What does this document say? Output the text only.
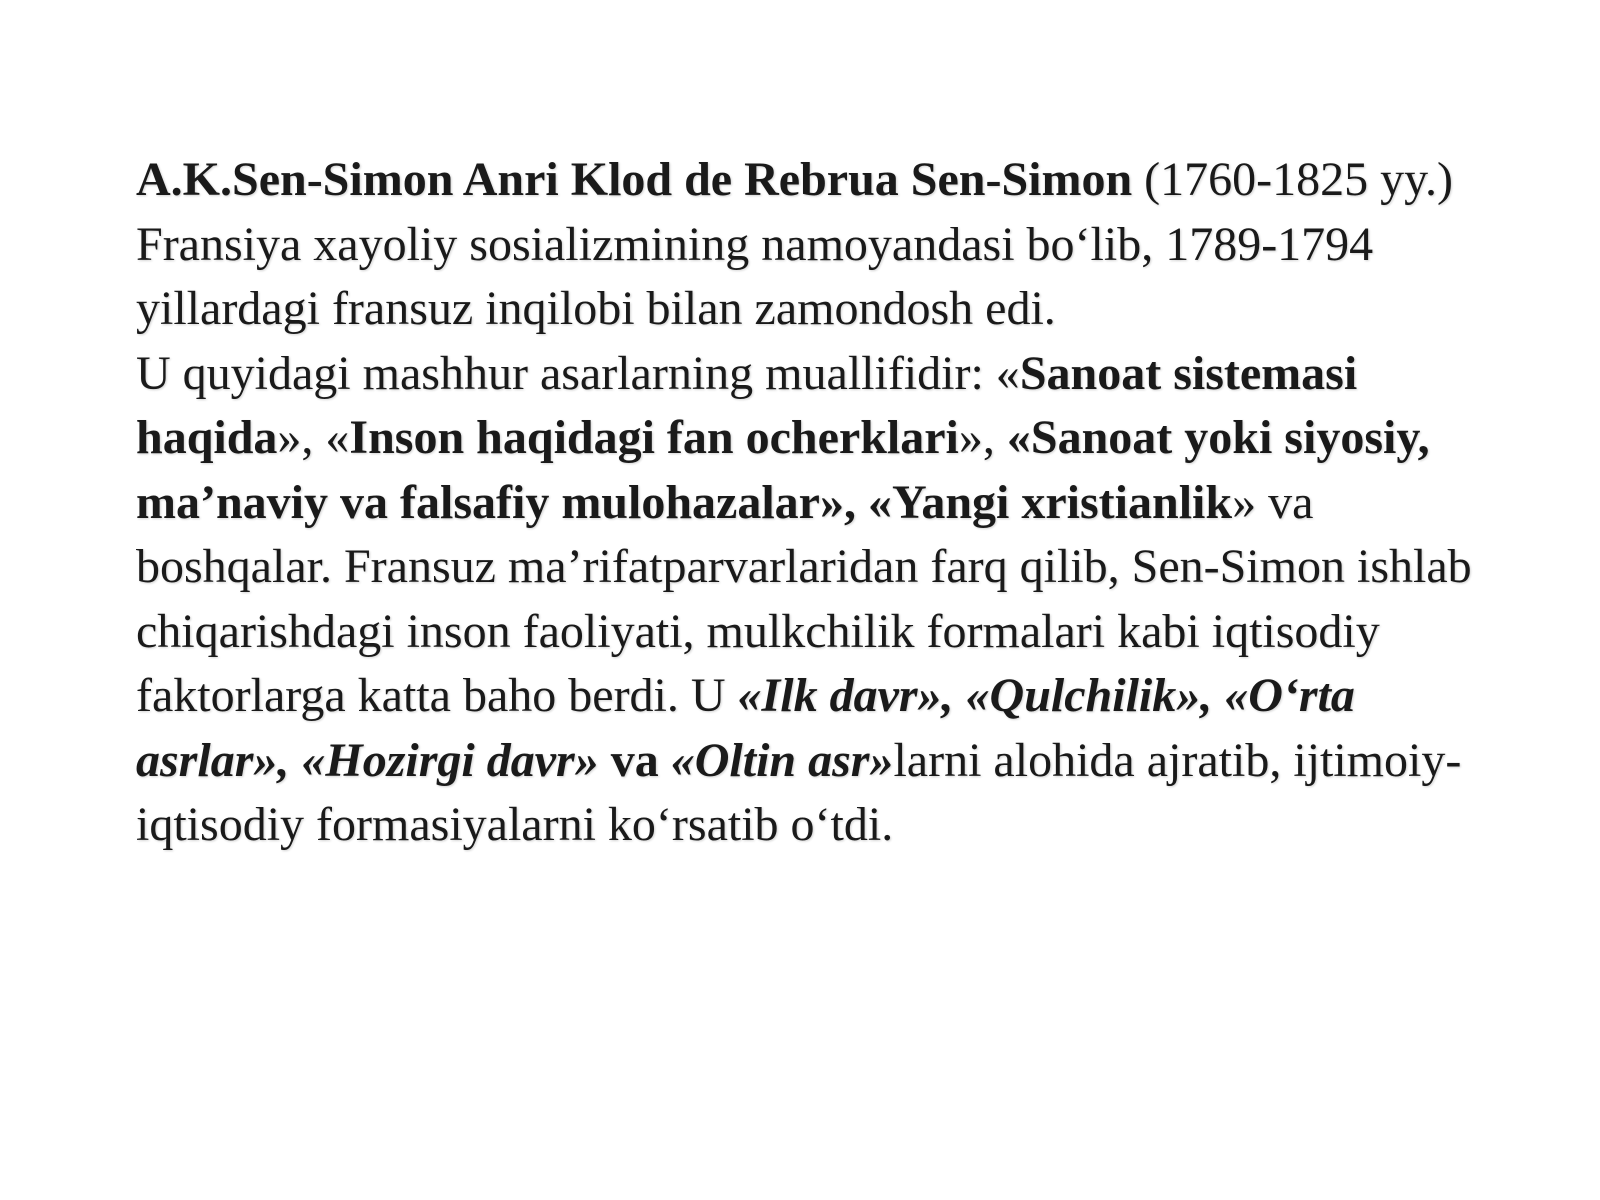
A.K.Sen-Simon Anri Klod de Rebrua Sen-Simon (1760-1825 yy.) Fransiya xayoliy sosializmining namoyandasi bo‘lib, 1789-1794 yillardagi fransuz inqilobi bilan zamondosh edi.

U quyidagi mashhur asarlarning muallifidir: «Sanoat sistemasi haqida», «Inson haqidagi fan ocherklari», «Sanoat yoki siyosiy, ma’naviy va falsafiy mulohazalar», «Yangi xristianlik» va boshqalar. Fransuz ma’rifatparvarlaridan farq qilib, Sen-Simon ishlab chiqarishdagi inson faoliyati, mulkchilik formalari kabi iqtisodiy faktorlarga katta baho berdi. U «Ilk davr», «Qulchilik», «O‘rta asrlar», «Hozirgi davr» va «Oltin asr»larni alohida ajratib, ijtimoiy-iqtisodiy formasiyalarni ko‘rsatib o‘tdi.
